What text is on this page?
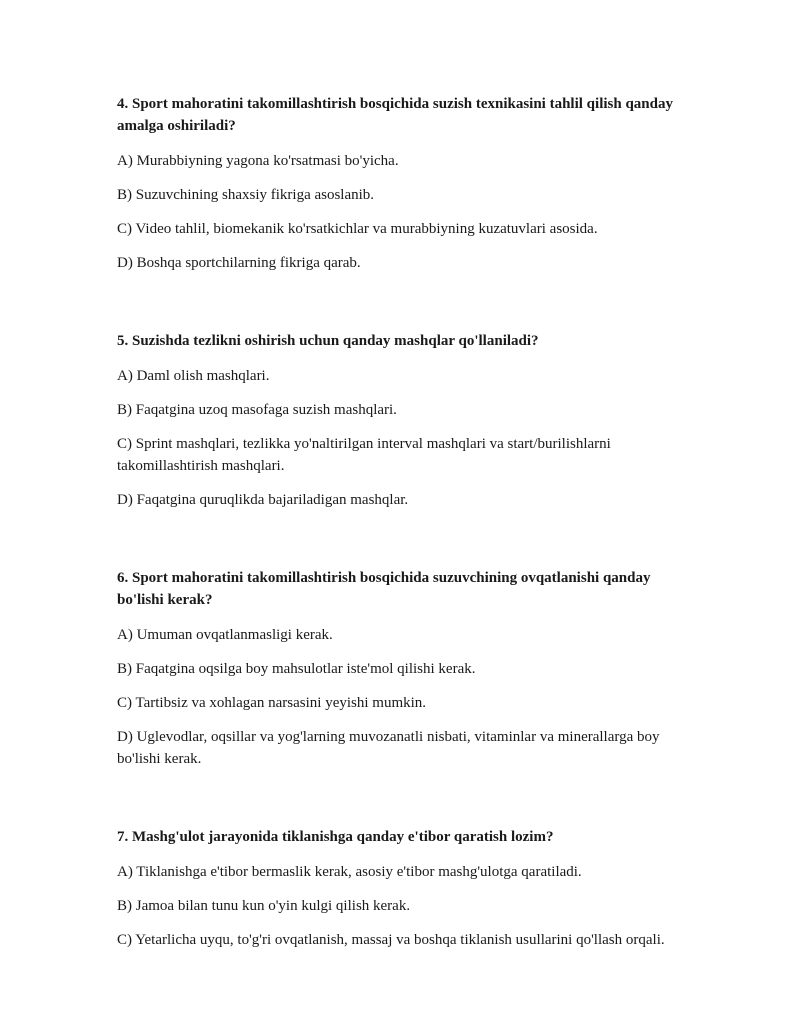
4. Sport mahoratini takomillashtirish bosqichida suzish texnikasini tahlil qilish qanday amalga oshiriladi?

A) Murabbiyning yagona ko'rsatmasi bo'yicha.

B) Suzuvchining shaxsiy fikriga asoslanib.

C) Video tahlil, biomekanik ko'rsatkichlar va murabbiyning kuzatuvlari asosida.

D) Boshqa sportchilarning fikriga qarab.

5. Suzishda tezlikni oshirish uchun qanday mashqlar qo'llaniladi?

A) Daml olish mashqlari.

B) Faqatgina uzoq masofaga suzish mashqlari.

C) Sprint mashqlari, tezlikka yo'naltirilgan interval mashqlari va start/burilishlarni takomillashtirish mashqlari.

D) Faqatgina quruqlikda bajariladigan mashqlar.

6. Sport mahoratini takomillashtirish bosqichida suzuvchining ovqatlanishi qanday bo'lishi kerak?

A) Umuman ovqatlanmasligi kerak.

B) Faqatgina oqsilga boy mahsulotlar iste'mol qilishi kerak.

C) Tartibsiz va xohlagan narsasini yeyishi mumkin.

D) Uglevodlar, oqsillar va yog'larning muvozanatli nisbati, vitaminlar va minerallarga boy bo'lishi kerak.

7. Mashg'ulot jarayonida tiklanishga qanday e'tibor qaratish lozim?

A) Tiklanishga e'tibor bermaslik kerak, asosiy e'tibor mashg'ulotga qaratiladi.

B) Jamoa bilan tunu kun o'yin kulgi qilish kerak.

C) Yetarlicha uyqu, to'g'ri ovqatlanish, massaj va boshqa tiklanish usullarini qo'llash orqali.
